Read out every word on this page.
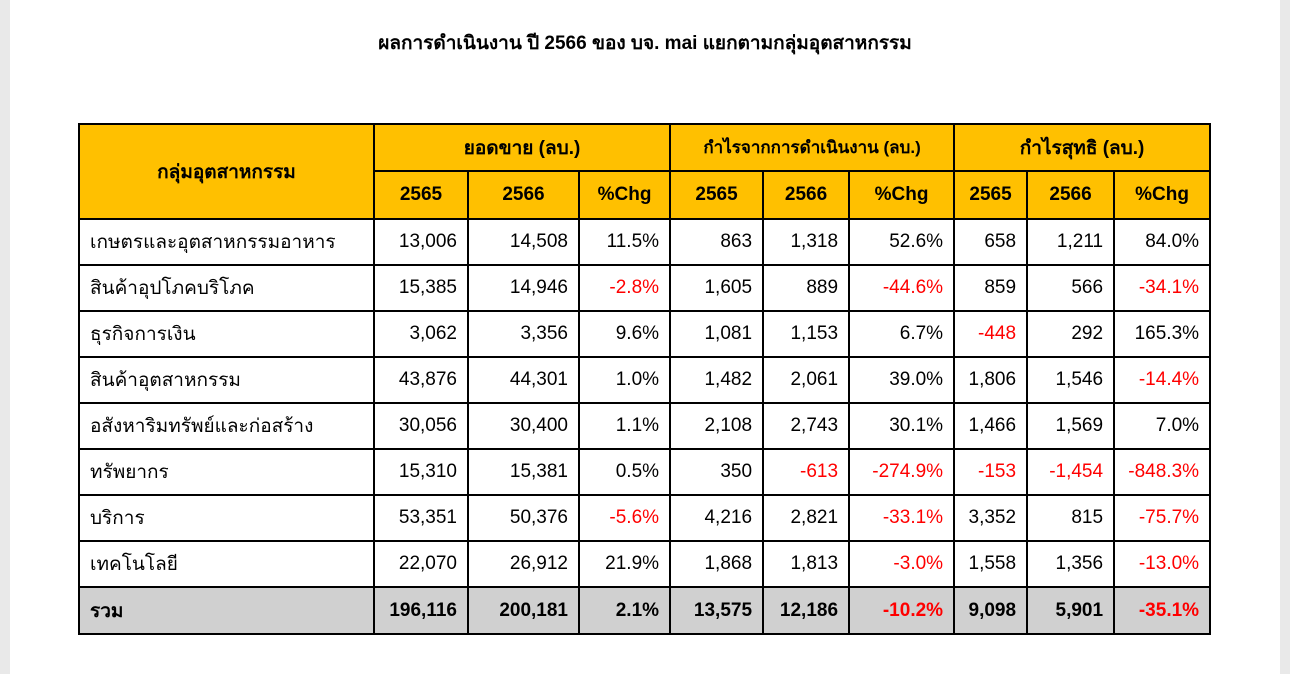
ผลการดำเนินงาน ปี 2566 ของ บจ. mai แยกตามกลุ่มอุตสาหกรรม
กลุ่มอุตสาหกรรม	ยอดขาย (ลบ.)			กำไรจากการดำเนินงาน (ลบ.)			กำไรสุทธิ (ลบ.)		
	2565	2566	%Chg	2565	2566	%Chg	2565	2566	%Chg
เกษตรและอุตสาหกรรมอาหาร	13,006	14,508	11.5%	863	1,318	52.6%	658	1,211	84.0%
สินค้าอุปโภคบริโภค	15,385	14,946	-2.8%	1,605	889	-44.6%	859	566	-34.1%
ธุรกิจการเงิน	3,062	3,356	9.6%	1,081	1,153	6.7%	-448	292	165.3%
สินค้าอุตสาหกรรม	43,876	44,301	1.0%	1,482	2,061	39.0%	1,806	1,546	-14.4%
อสังหาริมทรัพย์และก่อสร้าง	30,056	30,400	1.1%	2,108	2,743	30.1%	1,466	1,569	7.0%
ทรัพยากร	15,310	15,381	0.5%	350	-613	-274.9%	-153	-1,454	-848.3%
บริการ	53,351	50,376	-5.6%	4,216	2,821	-33.1%	3,352	815	-75.7%
เทคโนโลยี	22,070	26,912	21.9%	1,868	1,813	-3.0%	1,558	1,356	-13.0%
รวม	196,116	200,181	2.1%	13,575	12,186	-10.2%	9,098	5,901	-35.1%
